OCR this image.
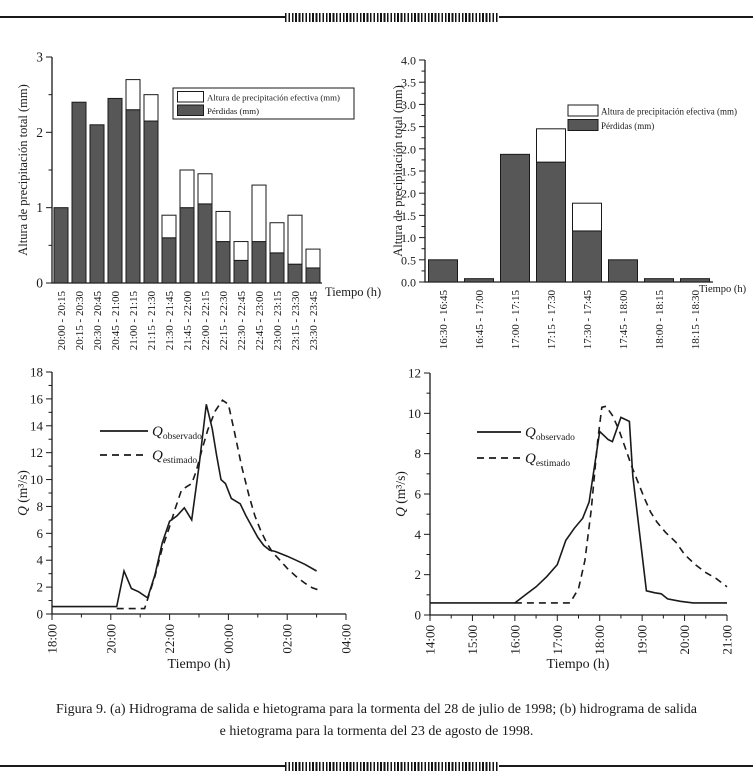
0
1
2
3
20:00 - 20:15 20:15 - 20:30 20:30 - 20:45 20:45 - 21:00 21:00 - 21:15 21:15 - 21:30 21:30 - 21:45 21:45 - 22:00 22:00 - 22:15 22:15 - 22:30 22:30 - 22:45 22:45 - 23:00 23:00 - 23:15 23:15 - 23:30 23:30 - 23:45
Altura de precipitación total (mm)
Tiempo (h)
Altura de precipitación efectiva (mm)
Pérdidas (mm)
0.0
0.5
1.0
1.5
2.0
1.5
2.0
2.5
3.0
3.5
4.0
16:30 - 16:45 16:45 - 17:00 17:00 - 17:15 17:15 - 17:30 17:30 - 17:45 17:45 - 18:00 18:00 - 18:15 18:15 - 18:30
Altura de precipitación total (mm)
Tiempo (h)
Altura de precipitación efectiva (mm)
Pérdidas (mm)
0
2
4
6
8
10
12
14
16
18
18:00	20:00	22:00	00:00	02:00	04:00
Q (m³/s)
Tiempo (h)
$Q_{observado}$
$Q_{estimado}$
0
2
4
6
8
10
12
14:00 15:00 16:00 17:00 18:00 19:00 20:00 21:00
Q (m³/s)
Tiempo (h)
$Q_{observado}$
$Q_{estimado}$
Figura 9. (a) Hidrograma de salida e hietograma para la tormenta del 28 de julio de 1998; (b) hidrograma de salida
e hietograma para la tormenta del 23 de agosto de 1998.
